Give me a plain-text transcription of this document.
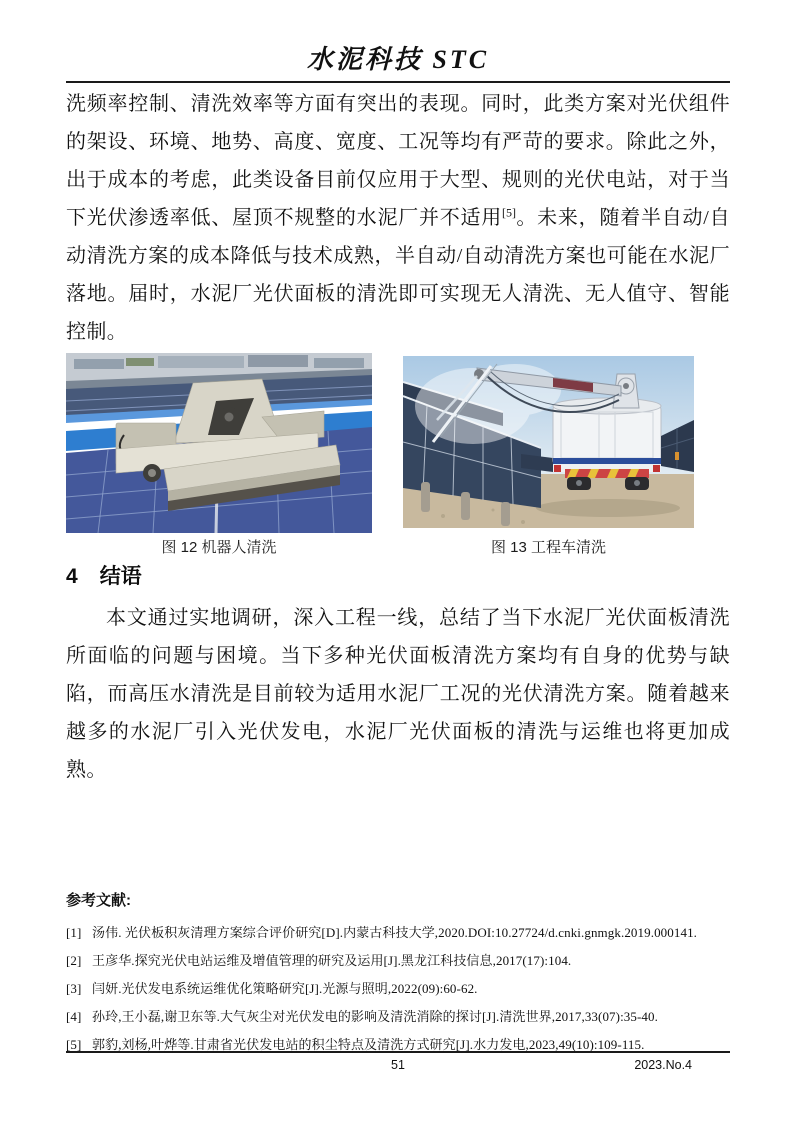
水泥科技 STC

洗频率控制、清洗效率等方面有突出的表现。同时，此类方案对光伏组件的架设、环境、地势、高度、宽度、工况等均有严苛的要求。除此之外，出于成本的考虑，此类设备目前仅应用于大型、规则的光伏电站，对于当下光伏渗透率低、屋顶不规整的水泥厂并不适用[5]。未来，随着半自动/自动清洗方案的成本降低与技术成熟，半自动/自动清洗方案也可能在水泥厂落地。届时，水泥厂光伏面板的清洗即可实现无人清洗、无人值守、智能控制。

图 12 机器人清洗	图 13 工程车清洗
4 结语

本文通过实地调研，深入工程一线，总结了当下水泥厂光伏面板清洗所面临的问题与困境。当下多种光伏面板清洗方案均有自身的优势与缺陷，而高压水清洗是目前较为适用水泥厂工况的光伏清洗方案。随着越来越多的水泥厂引入光伏发电，水泥厂光伏面板的清洗与运维也将更加成熟。

参考文献:
[1] 汤伟. 光伏板积灰清理方案综合评价研究[D].内蒙古科技大学,2020.DOI:10.27724/d.cnki.gnmgk.2019.000141.
[2] 王彦华.探究光伏电站运维及增值管理的研究及运用[J].黑龙江科技信息,2017(17):104.
[3] 闫妍.光伏发电系统运维优化策略研究[J].光源与照明,2022(09):60-62.
[4] 孙玲,王小磊,谢卫东等.大气灰尘对光伏发电的影响及清洗消除的探讨[J].清洗世界,2017,33(07):35-40.
[5] 郭豹,刘杨,叶烨等.甘肃省光伏发电站的积尘特点及清洗方式研究[J].水力发电,2023,49(10):109-115.
51	2023.No.4
